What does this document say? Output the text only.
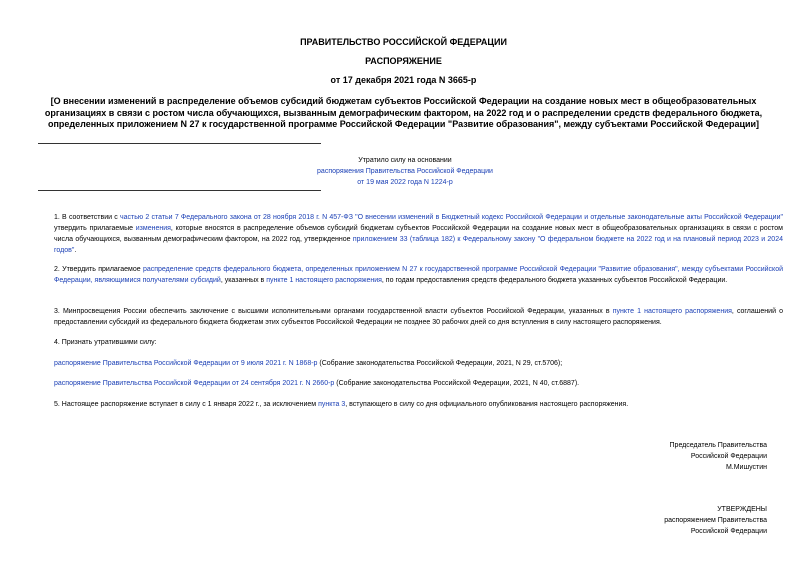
ПРАВИТЕЛЬСТВО РОССИЙСКОЙ ФЕДЕРАЦИИ
РАСПОРЯЖЕНИЕ
от 17 декабря 2021 года N 3665-р
[О внесении изменений в распределение объемов субсидий бюджетам субъектов Российской Федерации на создание новых мест в общеобразовательных организациях в связи с ростом числа обучающихся, вызванным демографическим фактором, на 2022 год и о распределении средств федерального бюджета, определенных приложением N 27 к государственной программе Российской Федерации "Развитие образования", между субъектами Российской Федерации]
Утратило силу на основании
распоряжения Правительства Российской Федерации
от 19 мая 2022 года N 1224-р
1. В соответствии с частью 2 статьи 7 Федерального закона от 28 ноября 2018 г. N 457-ФЗ "О внесении изменений в Бюджетный кодекс Российской Федерации и отдельные законодательные акты Российской Федерации" утвердить прилагаемые изменения, которые вносятся в распределение объемов субсидий бюджетам субъектов Российской Федерации на создание новых мест в общеобразовательных организациях в связи с ростом числа обучающихся, вызванным демографическим фактором, на 2022 год, утвержденное приложением 33 (таблица 182) к Федеральному закону "О федеральном бюджете на 2022 год и на плановый период 2023 и 2024 годов".
2. Утвердить прилагаемое распределение средств федерального бюджета, определенных приложением N 27 к государственной программе Российской Федерации "Развитие образования", между субъектами Российской Федерации, являющимися получателями субсидий, указанных в пункте 1 настоящего распоряжения, по годам предоставления средств федерального бюджета указанных субъектов Российской Федерации.
3. Минпросвещения России обеспечить заключение с высшими исполнительными органами государственной власти субъектов Российской Федерации, указанных в пункте 1 настоящего распоряжения, соглашений о предоставлении субсидий из федерального бюджета бюджетам этих субъектов Российской Федерации не позднее 30 рабочих дней со дня вступления в силу настоящего распоряжения.
4. Признать утратившими силу:
распоряжение Правительства Российской Федерации от 9 июля 2021 г. N 1868-р (Собрание законодательства Российской Федерации, 2021, N 29, ст.5706);
распоряжение Правительства Российской Федерации от 24 сентября 2021 г. N 2660-р (Собрание законодательства Российской Федерации, 2021, N 40, ст.6887).
5. Настоящее распоряжение вступает в силу с 1 января 2022 г., за исключением пункта 3, вступающего в силу со дня официального опубликования настоящего распоряжения.
Председатель Правительства
Российской Федерации
М.Мишустин
УТВЕРЖДЕНЫ
распоряжением Правительства
Российской Федерации
